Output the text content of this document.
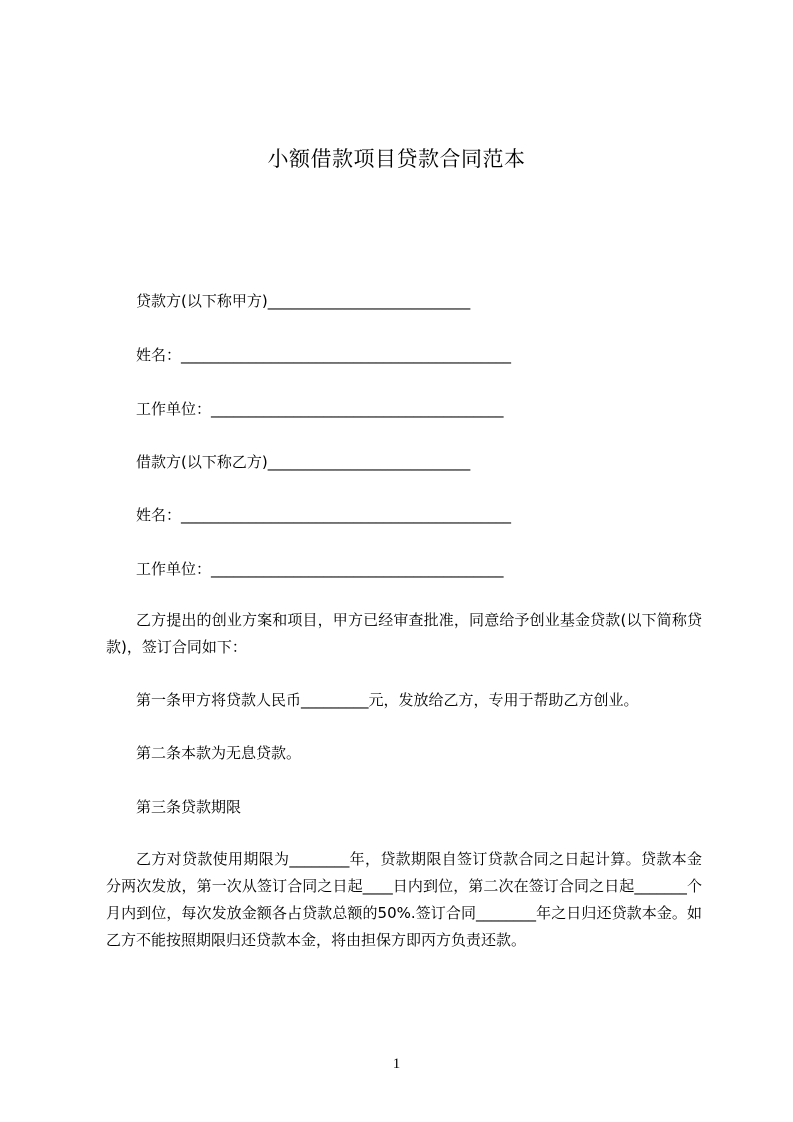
小额借款项目贷款合同范本
贷款方(以下称甲方)___________________________
姓名：____________________________________________
工作单位：_______________________________________
借款方(以下称乙方)___________________________
姓名：____________________________________________
工作单位：_______________________________________
乙方提出的创业方案和项目，甲方已经审查批准，同意给予创业基金贷款(以下简称贷款)，签订合同如下：
第一条甲方将贷款人民币_________元，发放给乙方，专用于帮助乙方创业。
第二条本款为无息贷款。
第三条贷款期限
乙方对贷款使用期限为________年，贷款期限自签订贷款合同之日起计算。贷款本金分两次发放，第一次从签订合同之日起____日内到位，第二次在签订合同之日起_______个月内到位，每次发放金额各占贷款总额的50%.签订合同________年之日归还贷款本金。如乙方不能按照期限归还贷款本金，将由担保方即丙方负责还款。
1
